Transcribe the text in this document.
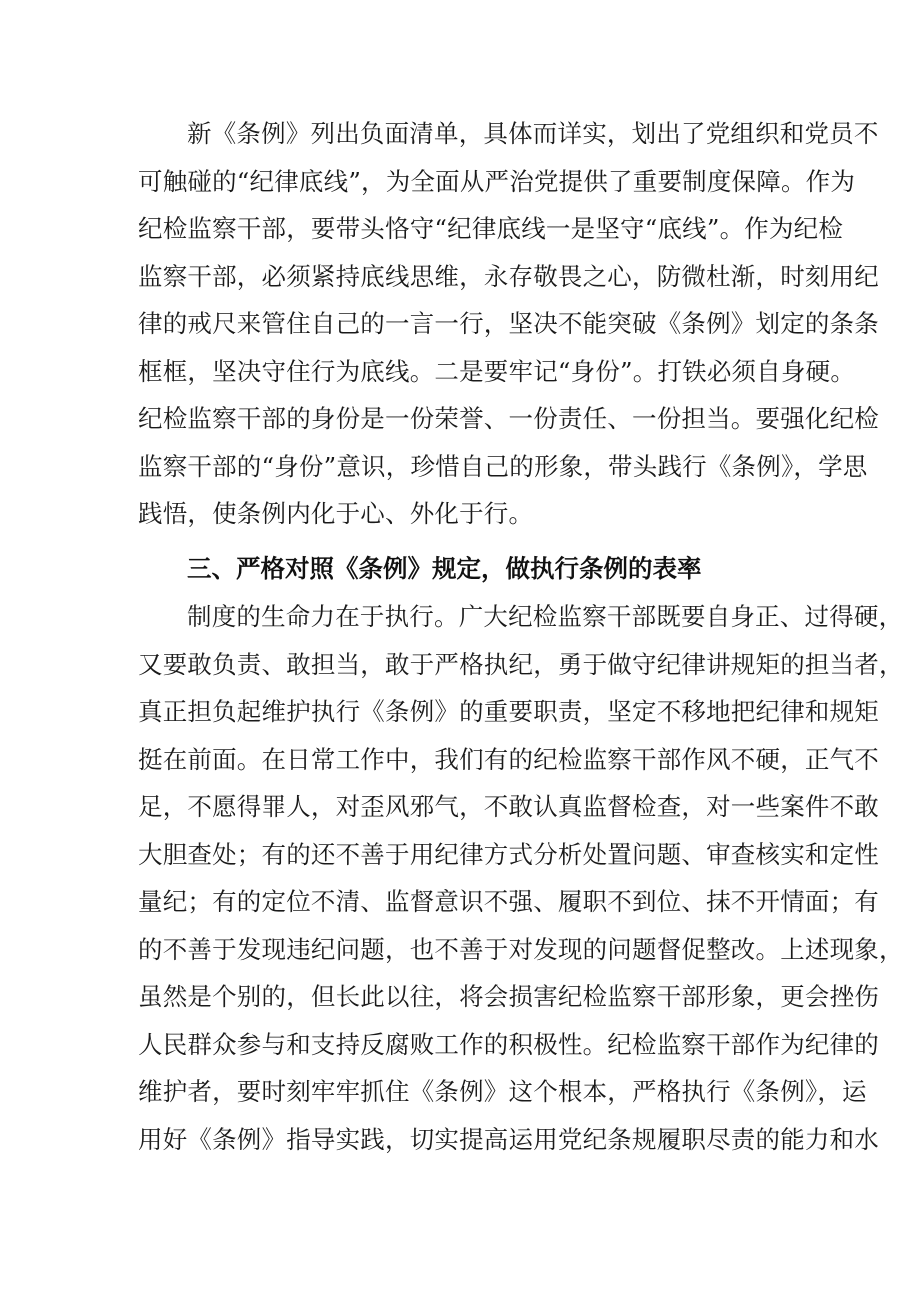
新《条例》列出负面清单，具体而详实，划出了党组织和党员不
可触碰的“纪律底线”，为全面从严治党提供了重要制度保障。作为
纪检监察干部，要带头恪守“纪律底线一是坚守“底线”。作为纪检
监察干部，必须紧持底线思维，永存敬畏之心，防微杜渐，时刻用纪
律的戒尺来管住自己的一言一行，坚决不能突破《条例》划定的条条
框框，坚决守住行为底线。二是要牢记“身份”。打铁必须自身硬。
纪检监察干部的身份是一份荣誉、一份责任、一份担当。要强化纪检
监察干部的“身份”意识，珍惜自己的形象，带头践行《条例》，学思
践悟，使条例内化于心、外化于行。
三、严格对照《条例》规定，做执行条例的表率
制度的生命力在于执行。广大纪检监察干部既要自身正、过得硬，
又要敢负责、敢担当，敢于严格执纪，勇于做守纪律讲规矩的担当者，
真正担负起维护执行《条例》的重要职责，坚定不移地把纪律和规矩
挺在前面。在日常工作中，我们有的纪检监察干部作风不硬，正气不
足，不愿得罪人，对歪风邪气，不敢认真监督检查，对一些案件不敢
大胆查处；有的还不善于用纪律方式分析处置问题、审查核实和定性
量纪；有的定位不清、监督意识不强、履职不到位、抹不开情面；有
的不善于发现违纪问题，也不善于对发现的问题督促整改。上述现象，
虽然是个别的，但长此以往，将会损害纪检监察干部形象，更会挫伤
人民群众参与和支持反腐败工作的积极性。纪检监察干部作为纪律的
维护者，要时刻牢牢抓住《条例》这个根本，严格执行《条例》，运
用好《条例》指导实践，切实提高运用党纪条规履职尽责的能力和水
